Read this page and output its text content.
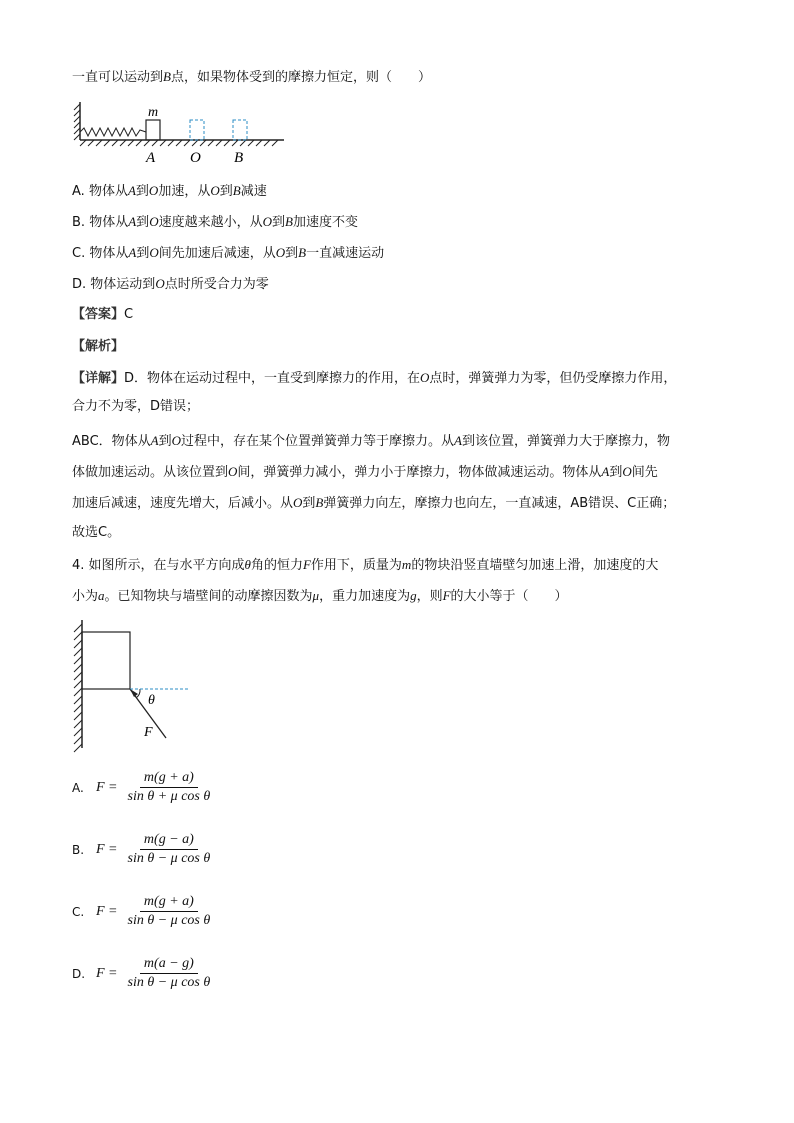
一直可以运动到B点，如果物体受到的摩擦力恒定，则（　　）
m
A O B
A. 物体从A到O加速，从O到B减速
B. 物体从A到O速度越来越小，从O到B加速度不变
C. 物体从A到O间先加速后减速，从O到B一直减速运动
D. 物体运动到O点时所受合力为零
【答案】C
【解析】
【详解】D．物体在运动过程中，一直受到摩擦力的作用，在O点时，弹簧弹力为零，但仍受摩擦力作用，
合力不为零，D错误；
ABC．物体从A到O过程中，存在某个位置弹簧弹力等于摩擦力。从A到该位置，弹簧弹力大于摩擦力，物
体做加速运动。从该位置到O间，弹簧弹力减小，弹力小于摩擦力，物体做减速运动。物体从A到O间先
加速后减速，速度先增大，后减小。从O到B弹簧弹力向左，摩擦力也向左，一直减速，AB错误、C正确；
故选C。
4. 如图所示，在与水平方向成θ角的恒力F作用下，质量为m的物块沿竖直墙壁匀加速上滑，加速度的大
小为a。已知物块与墙壁间的动摩擦因数为μ，重力加速度为g，则F的大小等于（　　）
θ
F
A. $F = \frac{m(g + a)}{\text{sin θ + μ cos θ}}$
B. $F = \frac{m(g - a)}{\text{sin θ − μ cos θ}}$
C. $F = \frac{m(g + a)}{\text{sin θ − μ cos θ}}$
D. $F = \frac{m(a - g)}{\text{sin θ − μ cos θ}}$
